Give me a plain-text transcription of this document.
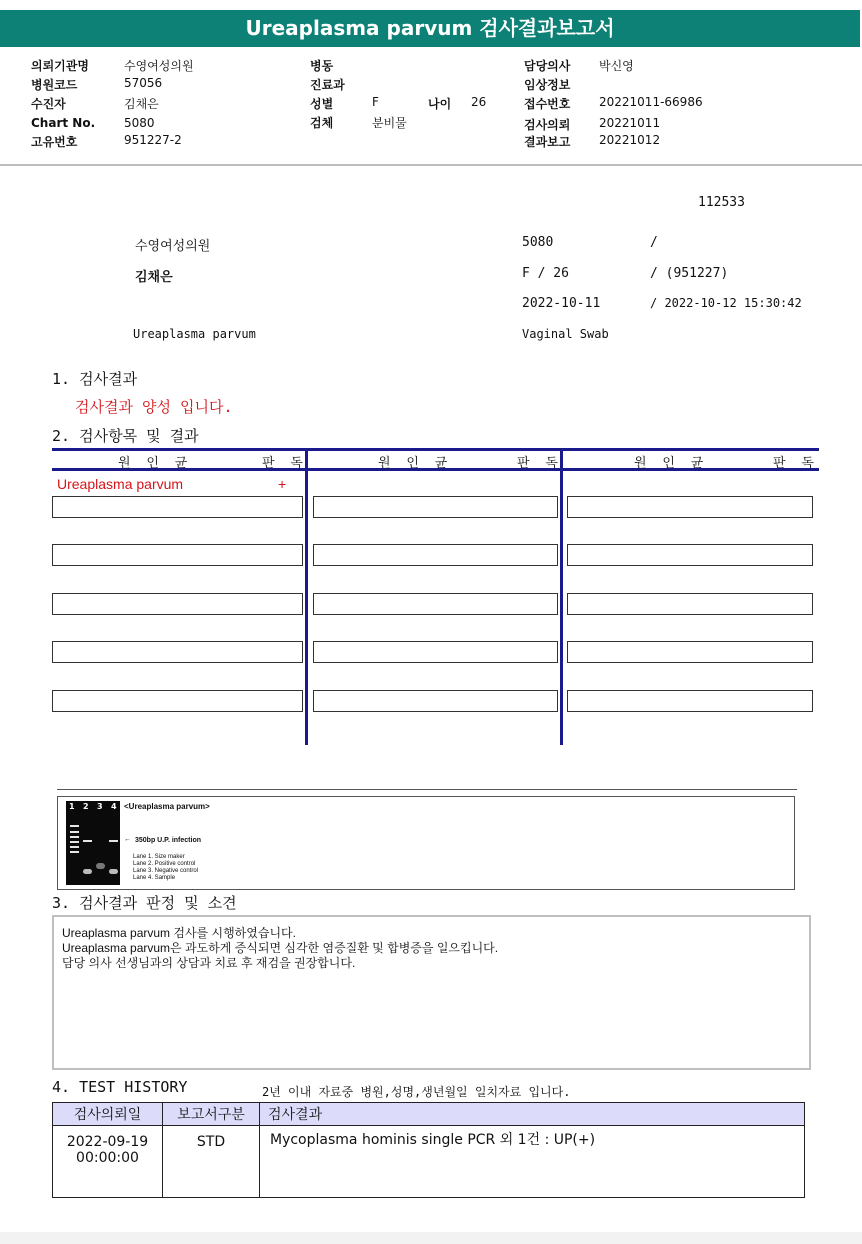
Ureaplasma parvum 검사결과보고서
의뢰기관명	수영여성의원
병원코드	57056
수진자	김채은
Chart No. 5080
고유번호	951227-2
병동
진료과
성별	F	나이 26
검체	분비물
담당의사 박신영
임상정보
접수번호 20221011-66986
검사의뢰 20221011
결과보고 20221012
112533
수영여성의원	5080	/
김채은	F / 26	/ (951227)
2022-10-11	/ 2022-10-12 15:30:42
Ureaplasma parvum	Vaginal Swab
1. 검사결과
검사결과 양성 입니다.
2. 검사항목 및 결과
원 인 균	판 독	원 인 균	판 독	원 인 균	판 독
Ureaplasma parvum	+
1 2 3 4 <Ureaplasma parvum>
← 350bp U.P. infection
Lane 1. Size maker
Lane 2. Positive control
Lane 3. Negative control
Lane 4. Sample
3. 검사결과 판정 및 소견
Ureaplasma parvum 검사를 시행하였습니다.
Ureaplasma parvum은 과도하게 증식되면 심각한 염증질환 및 합병증을 일으킵니다.
담당 의사 선생님과의 상담과 치료 후 재검을 권장합니다.
4. TEST HISTORY	2년 이내 자료중 병원,성명,생년월일 일치자료 입니다.
검사의뢰일	보고서구분	검사결과

2022-09-19
00:00:00	STD	Mycoplasma hominis single PCR 외 1건 : UP(+)
